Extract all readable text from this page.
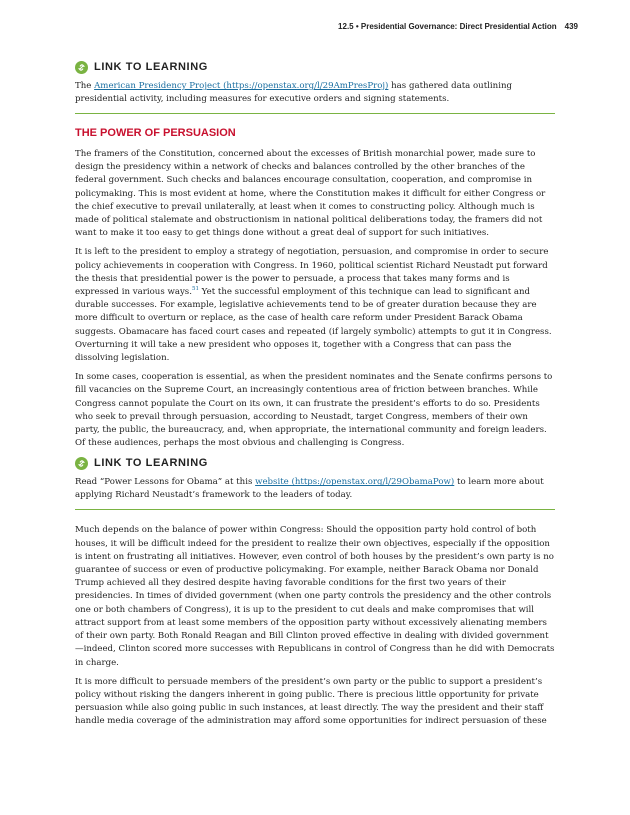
12.5 • Presidential Governance: Direct Presidential Action 439
LINK TO LEARNING

The American Presidency Project (https://openstax.org/l/29AmPresProj) has gathered data outlining presidential activity, including measures for executive orders and signing statements.

THE POWER OF PERSUASION

The framers of the Constitution, concerned about the excesses of British monarchial power, made sure to design the presidency within a network of checks and balances controlled by the other branches of the federal government. Such checks and balances encourage consultation, cooperation, and compromise in policymaking. This is most evident at home, where the Constitution makes it difficult for either Congress or the chief executive to prevail unilaterally, at least when it comes to constructing policy. Although much is made of political stalemate and obstructionism in national political deliberations today, the framers did not want to make it too easy to get things done without a great deal of support for such initiatives.

It is left to the president to employ a strategy of negotiation, persuasion, and compromise in order to secure policy achievements in cooperation with Congress. In 1960, political scientist Richard Neustadt put forward the thesis that presidential power is the power to persuade, a process that takes many forms and is expressed in various ways.$^{51}$ Yet the successful employment of this technique can lead to significant and durable successes. For example, legislative achievements tend to be of greater duration because they are more difficult to overturn or replace, as the case of health care reform under President Barack Obama suggests. Obamacare has faced court cases and repeated (if largely symbolic) attempts to gut it in Congress. Overturning it will take a new president who opposes it, together with a Congress that can pass the dissolving legislation.

In some cases, cooperation is essential, as when the president nominates and the Senate confirms persons to fill vacancies on the Supreme Court, an increasingly contentious area of friction between branches. While Congress cannot populate the Court on its own, it can frustrate the president’s efforts to do so. Presidents who seek to prevail through persuasion, according to Neustadt, target Congress, members of their own party, the public, the bureaucracy, and, when appropriate, the international community and foreign leaders. Of these audiences, perhaps the most obvious and challenging is Congress.

LINK TO LEARNING

Read “Power Lessons for Obama” at this website (https://openstax.org/l/29ObamaPow) to learn more about applying Richard Neustadt’s framework to the leaders of today.

Much depends on the balance of power within Congress: Should the opposition party hold control of both houses, it will be difficult indeed for the president to realize their own objectives, especially if the opposition is intent on frustrating all initiatives. However, even control of both houses by the president’s own party is no guarantee of success or even of productive policymaking. For example, neither Barack Obama nor Donald Trump achieved all they desired despite having favorable conditions for the first two years of their presidencies. In times of divided government (when one party controls the presidency and the other controls one or both chambers of Congress), it is up to the president to cut deals and make compromises that will attract support from at least some members of the opposition party without excessively alienating members of their own party. Both Ronald Reagan and Bill Clinton proved effective in dealing with divided government—indeed, Clinton scored more successes with Republicans in control of Congress than he did with Democrats in charge.

It is more difficult to persuade members of the president’s own party or the public to support a president’s policy without risking the dangers inherent in going public. There is precious little opportunity for private persuasion while also going public in such instances, at least directly. The way the president and their staff handle media coverage of the administration may afford some opportunities for indirect persuasion of these
